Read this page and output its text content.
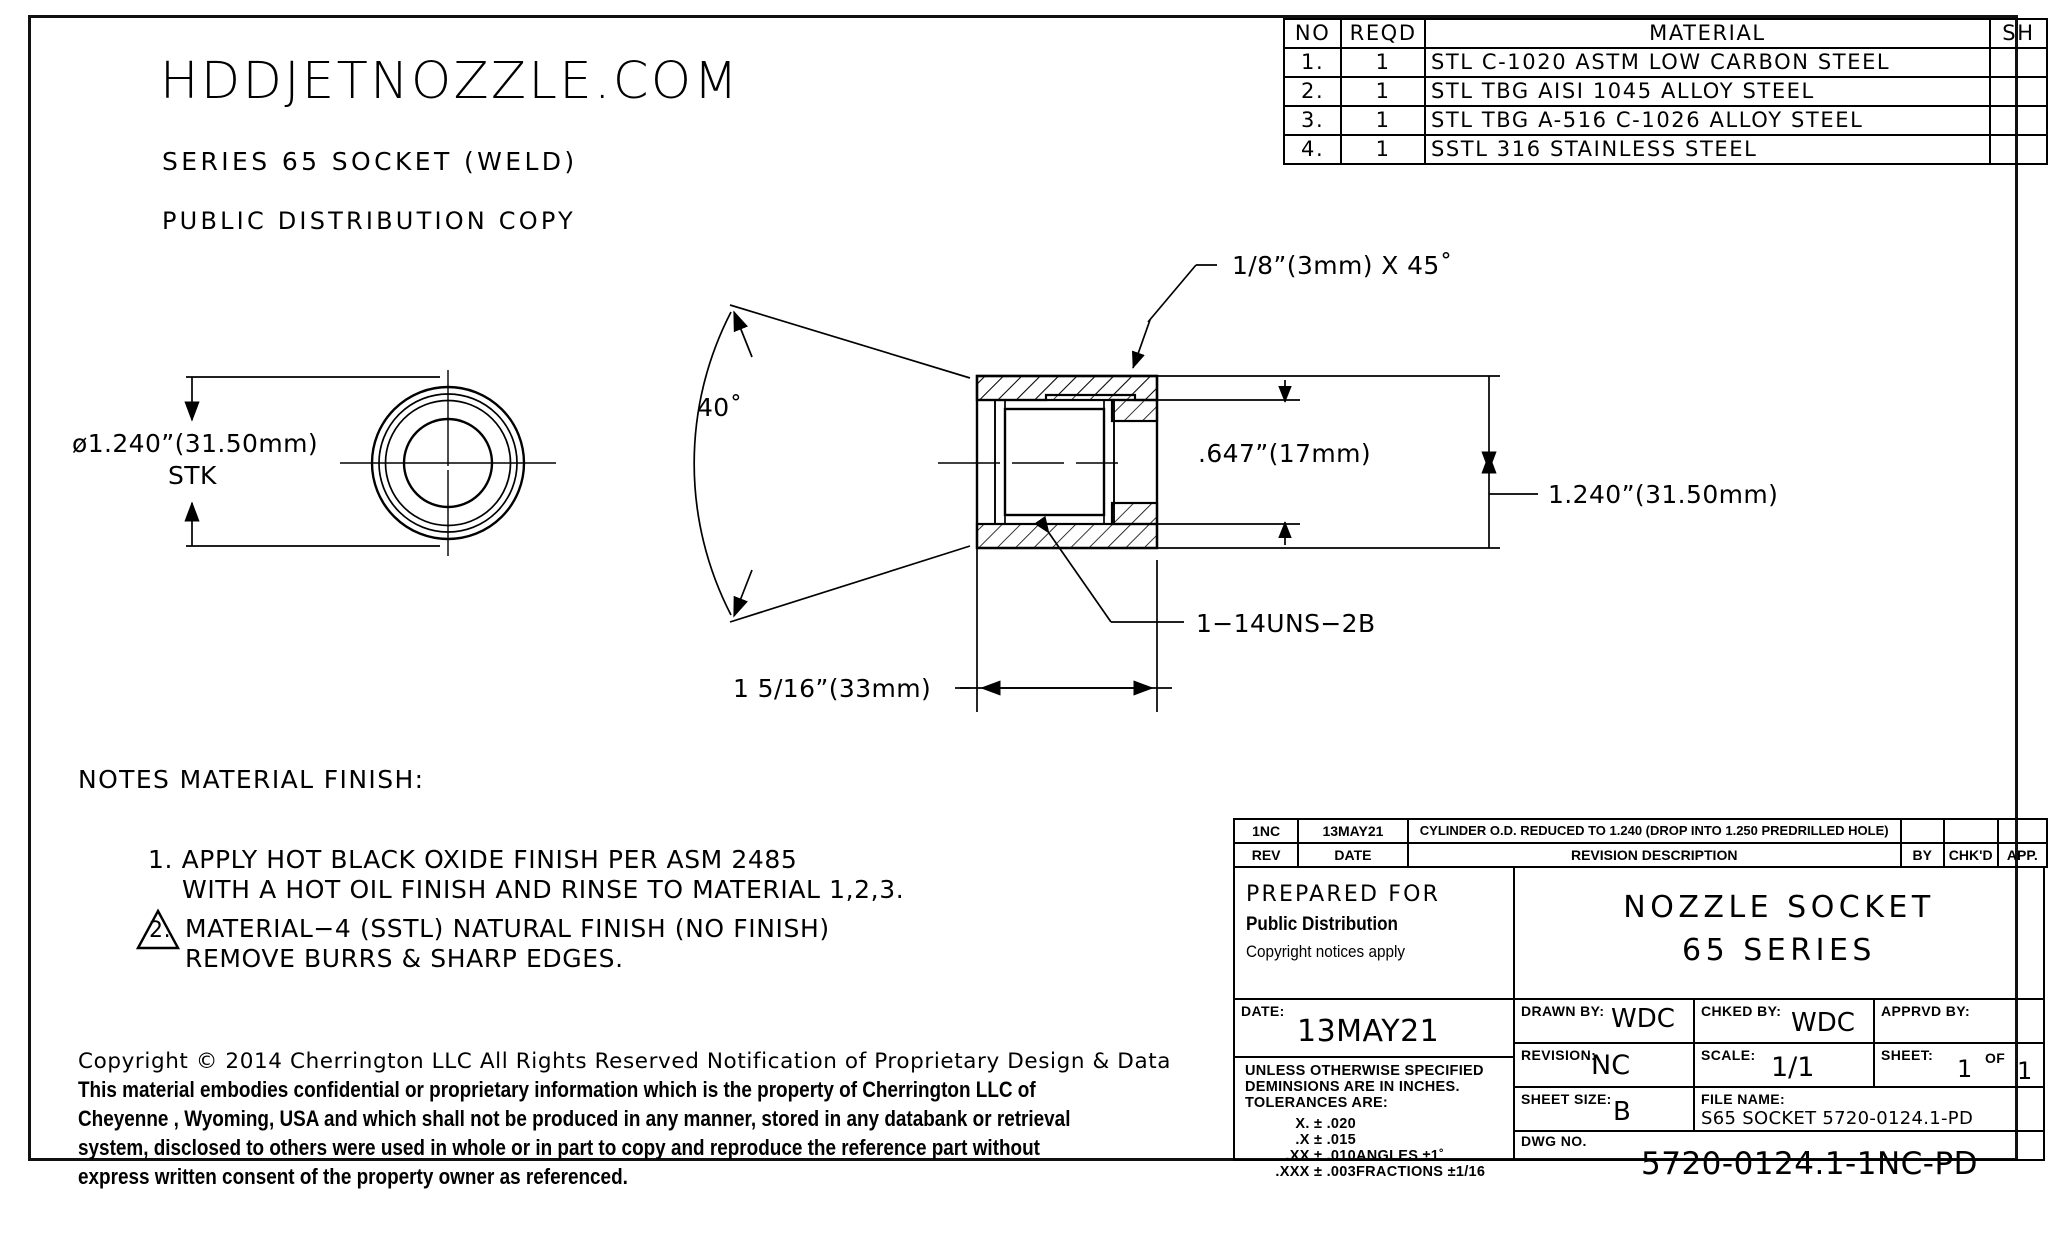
HDDJETNOZZLE.COM
SERIES 65 SOCKET (WELD)
PUBLIC DISTRIBUTION COPY
NO	REQD	MATERIAL	SH
1.	1	STL C-1020 ASTM LOW CARBON STEEL	
2.	1	STL TBG AISI 1045 ALLOY STEEL	
3.	1	STL TBG A-516 C-1026 ALLOY STEEL	
4.	1	SSTL 316 STAINLESS STEEL	
ø1.240”(31.50mm)
STK
40˚
1/8”(3mm) X 45˚
.647”(17mm)
1.240”(31.50mm)
1−14UNS−2B
1 5/16”(33mm)
NOTES MATERIAL FINISH:
1. APPLY HOT BLACK OXIDE FINISH PER ASM 2485
WITH A HOT OIL FINISH AND RINSE TO MATERIAL 1,2,3.
2. MATERIAL−4 (SSTL) NATURAL FINISH (NO FINISH)
REMOVE BURRS & SHARP EDGES.
Copyright © 2014 Cherrington LLC All Rights Reserved Notification of Proprietary Design & Data
This material embodies confidential or proprietary information which is the property of Cherrington LLC of
Cheyenne , Wyoming, USA and which shall not be produced in any manner, stored in any databank or retrieval
system, disclosed to others were used in whole or in part to copy and reproduce the reference part without
express written consent of the property owner as referenced.
1NC	13MAY21	CYLINDER O.D. REDUCED TO 1.240 (DROP INTO 1.250 PREDRILLED HOLE)			
REV	DATE	REVISION DESCRIPTION	BY	CHK'D	APP.
PREPARED FOR
Public Distribution
Copyright notices apply
NOZZLE SOCKET
65 SERIES
DATE:
13MAY21
UNLESS OTHERWISE SPECIFIED
DEMINSIONS ARE IN INCHES.
TOLERANCES ARE:
X. ± .020
.X ± .015
.XX ± .010ANGLES ±1˚
.XXX ± .003FRACTIONS ±1/16
DRAWN BY: WDC CHKED BY: WDC APPRVD BY:
REVISION:
NC	SCALE: 1/1	SHEET: 1 OF 1
SHEET SIZE: B	FILE NAME:
S65 SOCKET 5720-0124.1-PD
DWG NO.
5720-0124.1-1NC-PD
